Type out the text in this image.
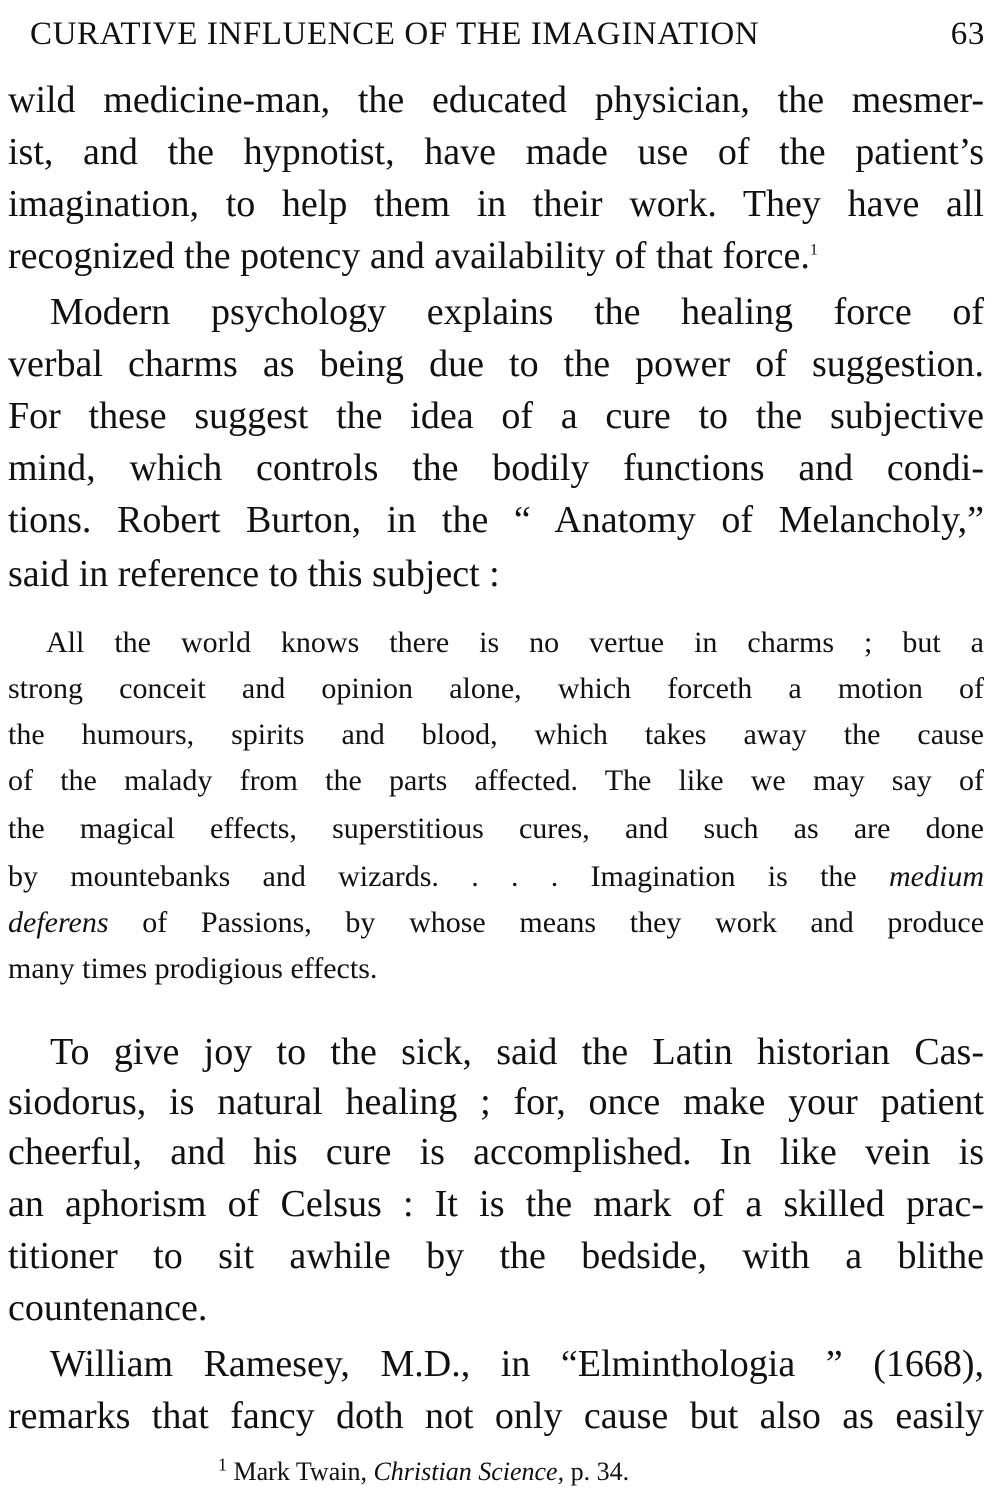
CURATIVE INFLUENCE OF THE IMAGINATION	63
wild medicine-man, the educated physician, the mesmer-
ist, and the hypnotist, have made use of the patient’s
imagination, to help them in their work. They have all
recognized the potency and availability of that force.$^1$
Modern psychology explains the healing force of
verbal charms as being due to the power of suggestion.
For these suggest the idea of a cure to the subjective
mind, which controls the bodily functions and condi-
tions. Robert Burton, in the “ Anatomy of Melancholy,”
said in reference to this subject :
All the world knows there is no vertue in charms ; but a
strong conceit and opinion alone, which forceth a motion of
the humours, spirits and blood, which takes away the cause
of the malady from the parts affected. The like we may say of
the magical effects, superstitious cures, and such as are done
by mountebanks and wizards. . . . Imagination is the medium
deferens of Passions, by whose means they work and produce
many times prodigious effects.
To give joy to the sick, said the Latin historian Cas-
siodorus, is natural healing ; for, once make your patient
cheerful, and his cure is accomplished. In like vein is
an aphorism of Celsus : It is the mark of a skilled prac-
titioner to sit awhile by the bedside, with a blithe
countenance.
William Ramesey, M.D., in “Elminthologia ” (1668),
remarks that fancy doth not only cause but also as easily
$^1$ Mark Twain, Christian Science, p. 34.
